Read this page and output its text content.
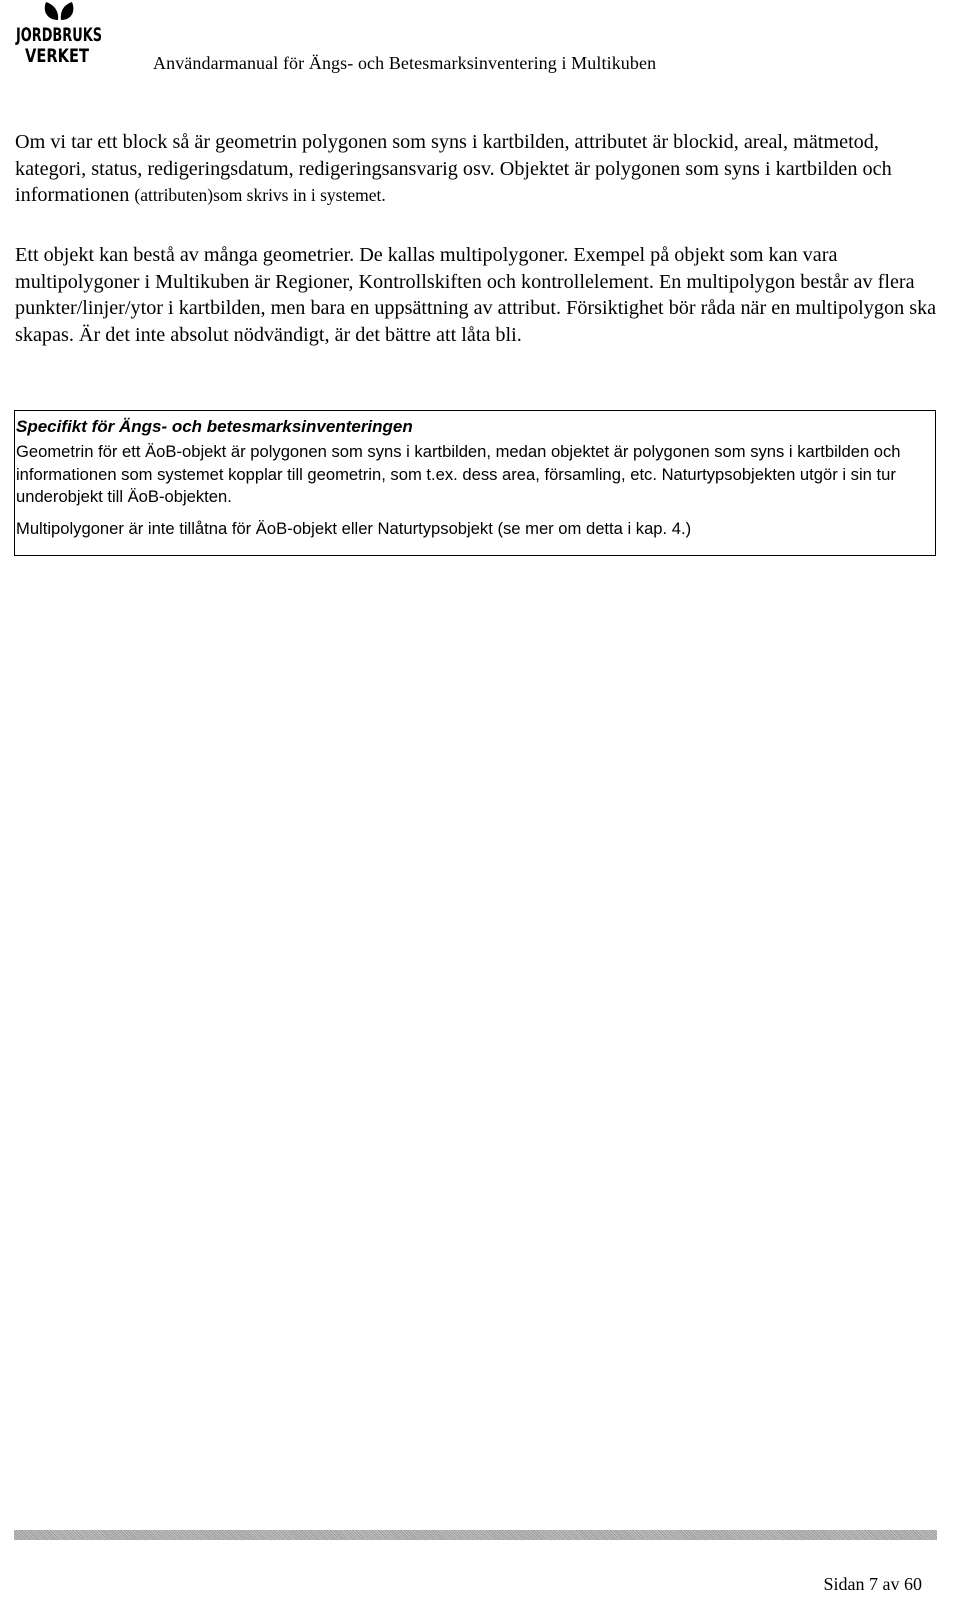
JORDBRUKS
VERKET	Användarmanual för Ängs- och Betesmarksinventering i Multikuben

Om vi tar ett block så är geometrin polygonen som syns i kartbilden, attributet är blockid, areal, mätmetod, kategori, status, redigeringsdatum, redigeringsansvarig osv. Objektet är polygonen som syns i kartbilden och informationen (attributen)som skrivs in i systemet.

Ett objekt kan bestå av många geometrier. De kallas multipolygoner. Exempel på objekt som kan vara multipolygoner i Multikuben är Regioner, Kontrollskiften och kontrollelement. En multipolygon består av flera punkter/linjer/ytor i kartbilden, men bara en uppsättning av attribut. Försiktighet bör råda när en multipolygon ska skapas. Är det inte absolut nödvändigt, är det bättre att låta bli.

Specifikt för Ängs- och betesmarksinventeringen

Geometrin för ett ÄoB-objekt är polygonen som syns i kartbilden, medan objektet är polygonen som syns i kartbilden och informationen som systemet kopplar till geometrin, som t.ex. dess area, församling, etc. Naturtypsobjekten utgör i sin tur underobjekt till ÄoB-objekten.

Multipolygoner är inte tillåtna för ÄoB-objekt eller Naturtypsobjekt (se mer om detta i kap. 4.)

Sidan 7 av 60
